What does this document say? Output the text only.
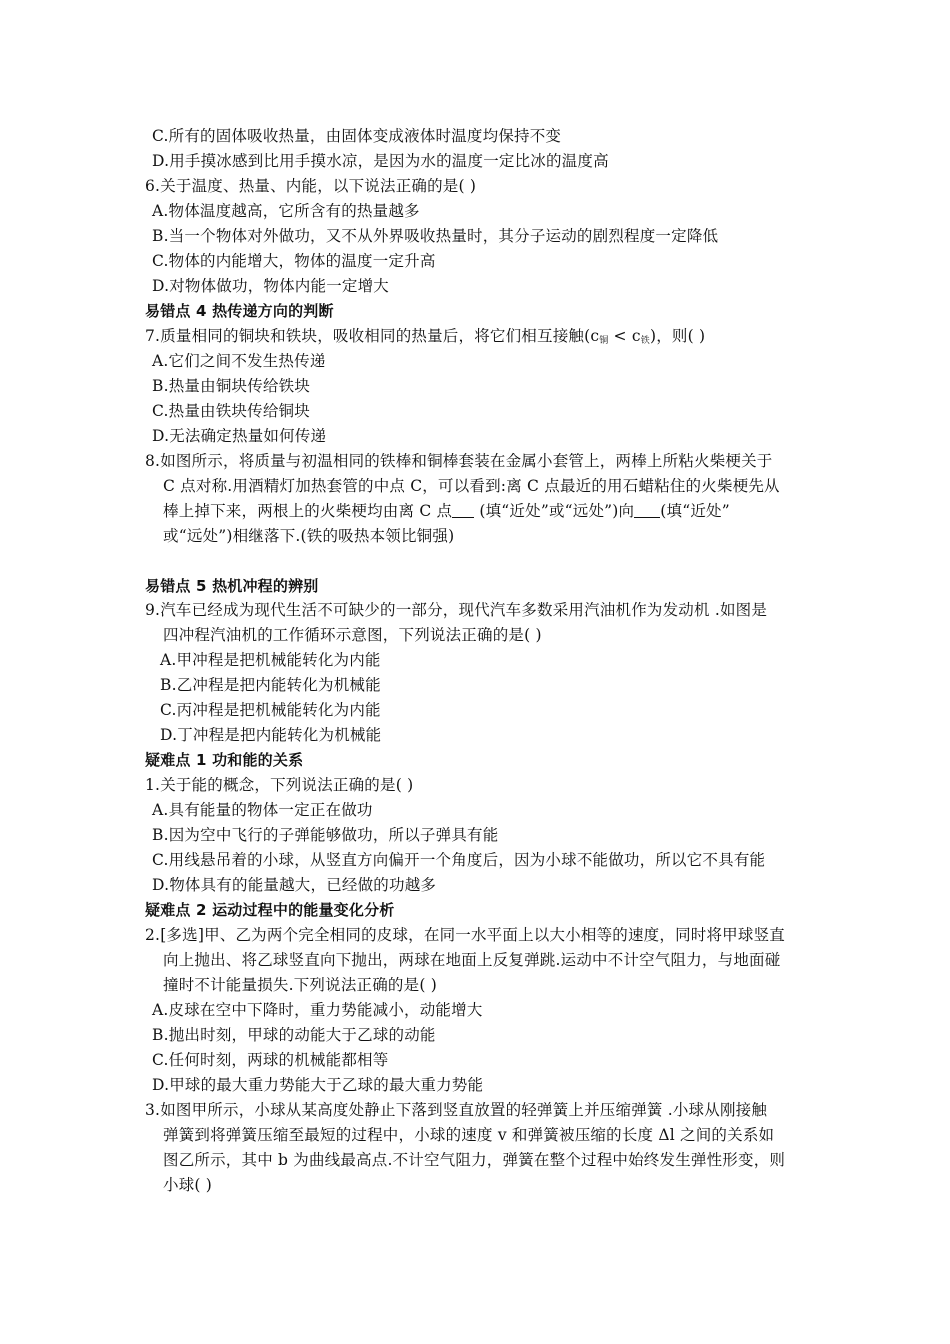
C.所有的固体吸收热量，由固体变成液体时温度均保持不变
D.用手摸冰感到比用手摸水凉，是因为水的温度一定比冰的温度高
6.关于温度、热量、内能，以下说法正确的是( )
A.物体温度越高，它所含有的热量越多
B.当一个物体对外做功，又不从外界吸收热量时，其分子运动的剧烈程度一定降低
C.物体的内能增大，物体的温度一定升高
D.对物体做功，物体内能一定增大
易错点 4 热传递方向的判断
7.质量相同的铜块和铁块，吸收相同的热量后，将它们相互接触$(c_铜 < c_铁)$，则( )
A.它们之间不发生热传递
B.热量由铜块传给铁块
C.热量由铁块传给铜块
D.无法确定热量如何传递
8.如图所示，将质量与初温相同的铁棒和铜棒套装在金属小套管上，两棒上所粘火柴梗关于
C 点对称.用酒精灯加热套管的中点 C，可以看到:离 C 点最近的用石蜡粘住的火柴梗先从
棒上掉下来，两根上的火柴梗均由离 C 点 (填“近处”或“远处”)向 (填“近处”
或“远处”)相继落下.(铁的吸热本领比铜强)
易错点 5 热机冲程的辨别
9.汽车已经成为现代生活不可缺少的一部分，现代汽车多数采用汽油机作为发动机 .如图是
四冲程汽油机的工作循环示意图，下列说法正确的是( )
A.甲冲程是把机械能转化为内能
B.乙冲程是把内能转化为机械能
C.丙冲程是把机械能转化为内能
D.丁冲程是把内能转化为机械能
疑难点 1 功和能的关系
1.关于能的概念，下列说法正确的是( )
A.具有能量的物体一定正在做功
B.因为空中飞行的子弹能够做功，所以子弹具有能
C.用线悬吊着的小球，从竖直方向偏开一个角度后，因为小球不能做功，所以它不具有能
D.物体具有的能量越大，已经做的功越多
疑难点 2 运动过程中的能量变化分析
2.[多选]甲、乙为两个完全相同的皮球，在同一水平面上以大小相等的速度，同时将甲球竖直
向上抛出、将乙球竖直向下抛出，两球在地面上反复弹跳.运动中不计空气阻力，与地面碰
撞时不计能量损失.下列说法正确的是( )
A.皮球在空中下降时，重力势能减小，动能增大
B.抛出时刻，甲球的动能大于乙球的动能
C.任何时刻，两球的机械能都相等
D.甲球的最大重力势能大于乙球的最大重力势能
3.如图甲所示，小球从某高度处静止下落到竖直放置的轻弹簧上并压缩弹簧 .小球从刚接触
弹簧到将弹簧压缩至最短的过程中，小球的速度 v 和弹簧被压缩的长度 Δl 之间的关系如
图乙所示，其中 b 为曲线最高点.不计空气阻力，弹簧在整个过程中始终发生弹性形变，则
小球( )
